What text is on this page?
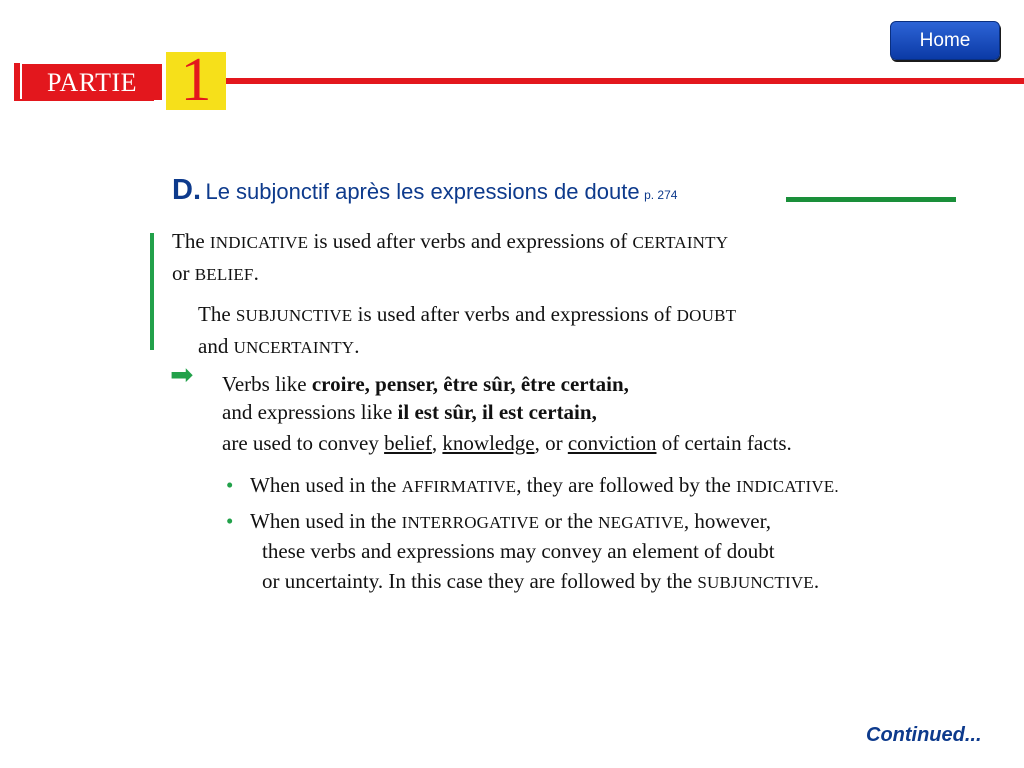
PARTIE 1
Home
D. Le subjonctif après les expressions de doute p. 274
The INDICATIVE is used after verbs and expressions of CERTAINTY
or BELIEF.
The SUBJUNCTIVE is used after verbs and expressions of DOUBT
and UNCERTAINTY.
➡ Verbs like croire, penser, être sûr, être certain,
and expressions like il est sûr, il est certain,
are used to convey belief, knowledge, or conviction of certain facts.
• When used in the AFFIRMATIVE, they are followed by the INDICATIVE.
• When used in the INTERROGATIVE or the NEGATIVE, however,
these verbs and expressions may convey an element of doubt
or uncertainty. In this case they are followed by the SUBJUNCTIVE.
Continued...
